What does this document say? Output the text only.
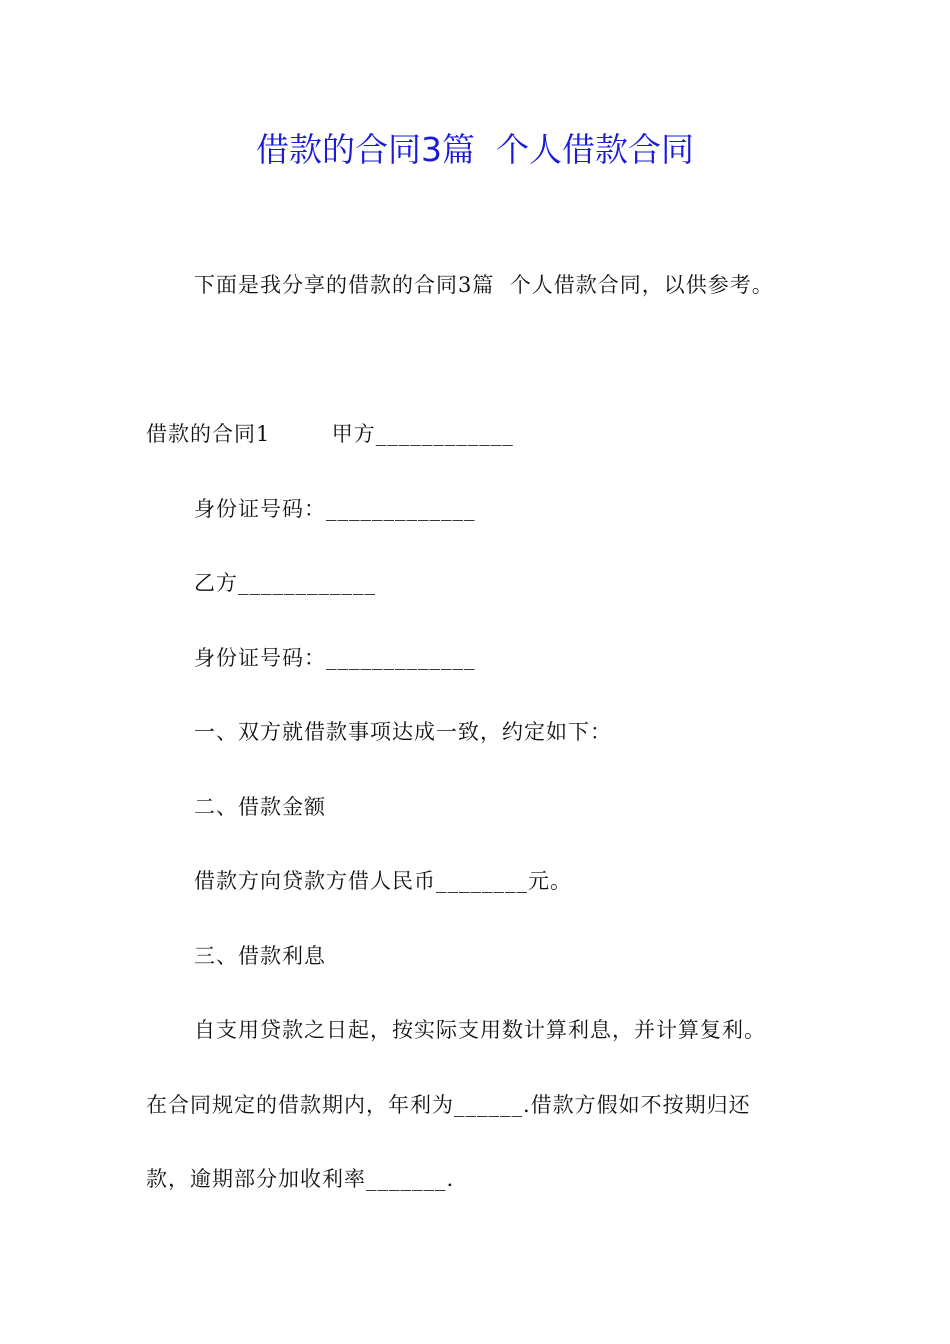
借款的合同3篇  个人借款合同
下面是我分享的借款的合同3篇  个人借款合同，以供参考。
借款的合同1        甲方____________
身份证号码：_____________
乙方____________
身份证号码：_____________
一、双方就借款事项达成一致，约定如下：
二、借款金额
借款方向贷款方借人民币________元。
三、借款利息
自支用贷款之日起，按实际支用数计算利息，并计算复利。
在合同规定的借款期内，年利为______.借款方假如不按期归还
款，逾期部分加收利率_______.
